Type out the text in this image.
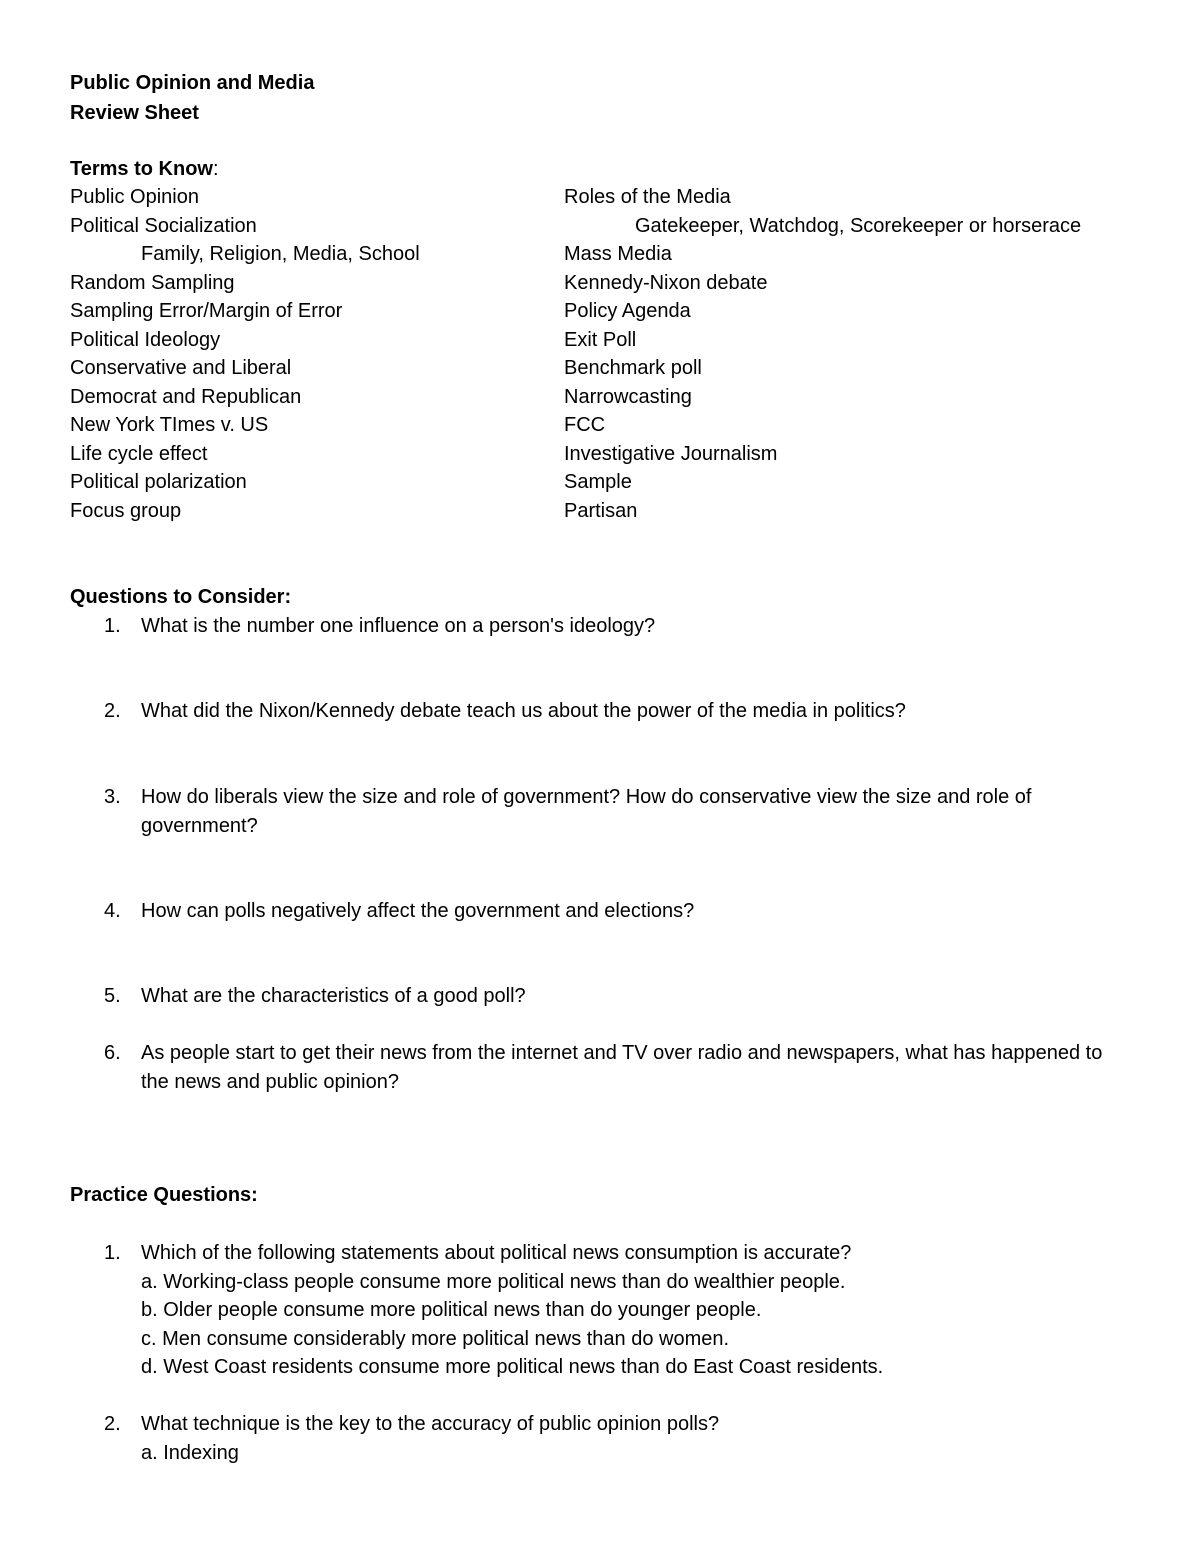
Public Opinion and Media
Review Sheet
Terms to Know:
Public Opinion
Political Socialization
Family, Religion, Media, School
Random Sampling
Sampling Error/Margin of Error
Political Ideology
Conservative and Liberal
Democrat and Republican
New York TImes v. US
Life cycle effect
Political polarization
Focus group
Roles of the Media
Gatekeeper, Watchdog, Scorekeeper or horserace
Mass Media
Kennedy-Nixon debate
Policy Agenda
Exit Poll
Benchmark poll
Narrowcasting
FCC
Investigative Journalism
Sample
Partisan
Questions to Consider:
1.	What is the number one influence on a person's ideology?
2.	What did the Nixon/Kennedy debate teach us about the power of the media in politics?
3.	How do liberals view the size and role of government? How do conservative view the size and role of government?
4.	How can polls negatively affect the government and elections?
5.	What are the characteristics of a good poll?
6.	As people start to get their news from the internet and TV over radio and newspapers, what has happened to the news and public opinion?
Practice Questions:
1. Which of the following statements about political news consumption is accurate?
a. Working-class people consume more political news than do wealthier people.
b. Older people consume more political news than do younger people.
c. Men consume considerably more political news than do women.
d. West Coast residents consume more political news than do East Coast residents.
2. What technique is the key to the accuracy of public opinion polls?
a. Indexing
